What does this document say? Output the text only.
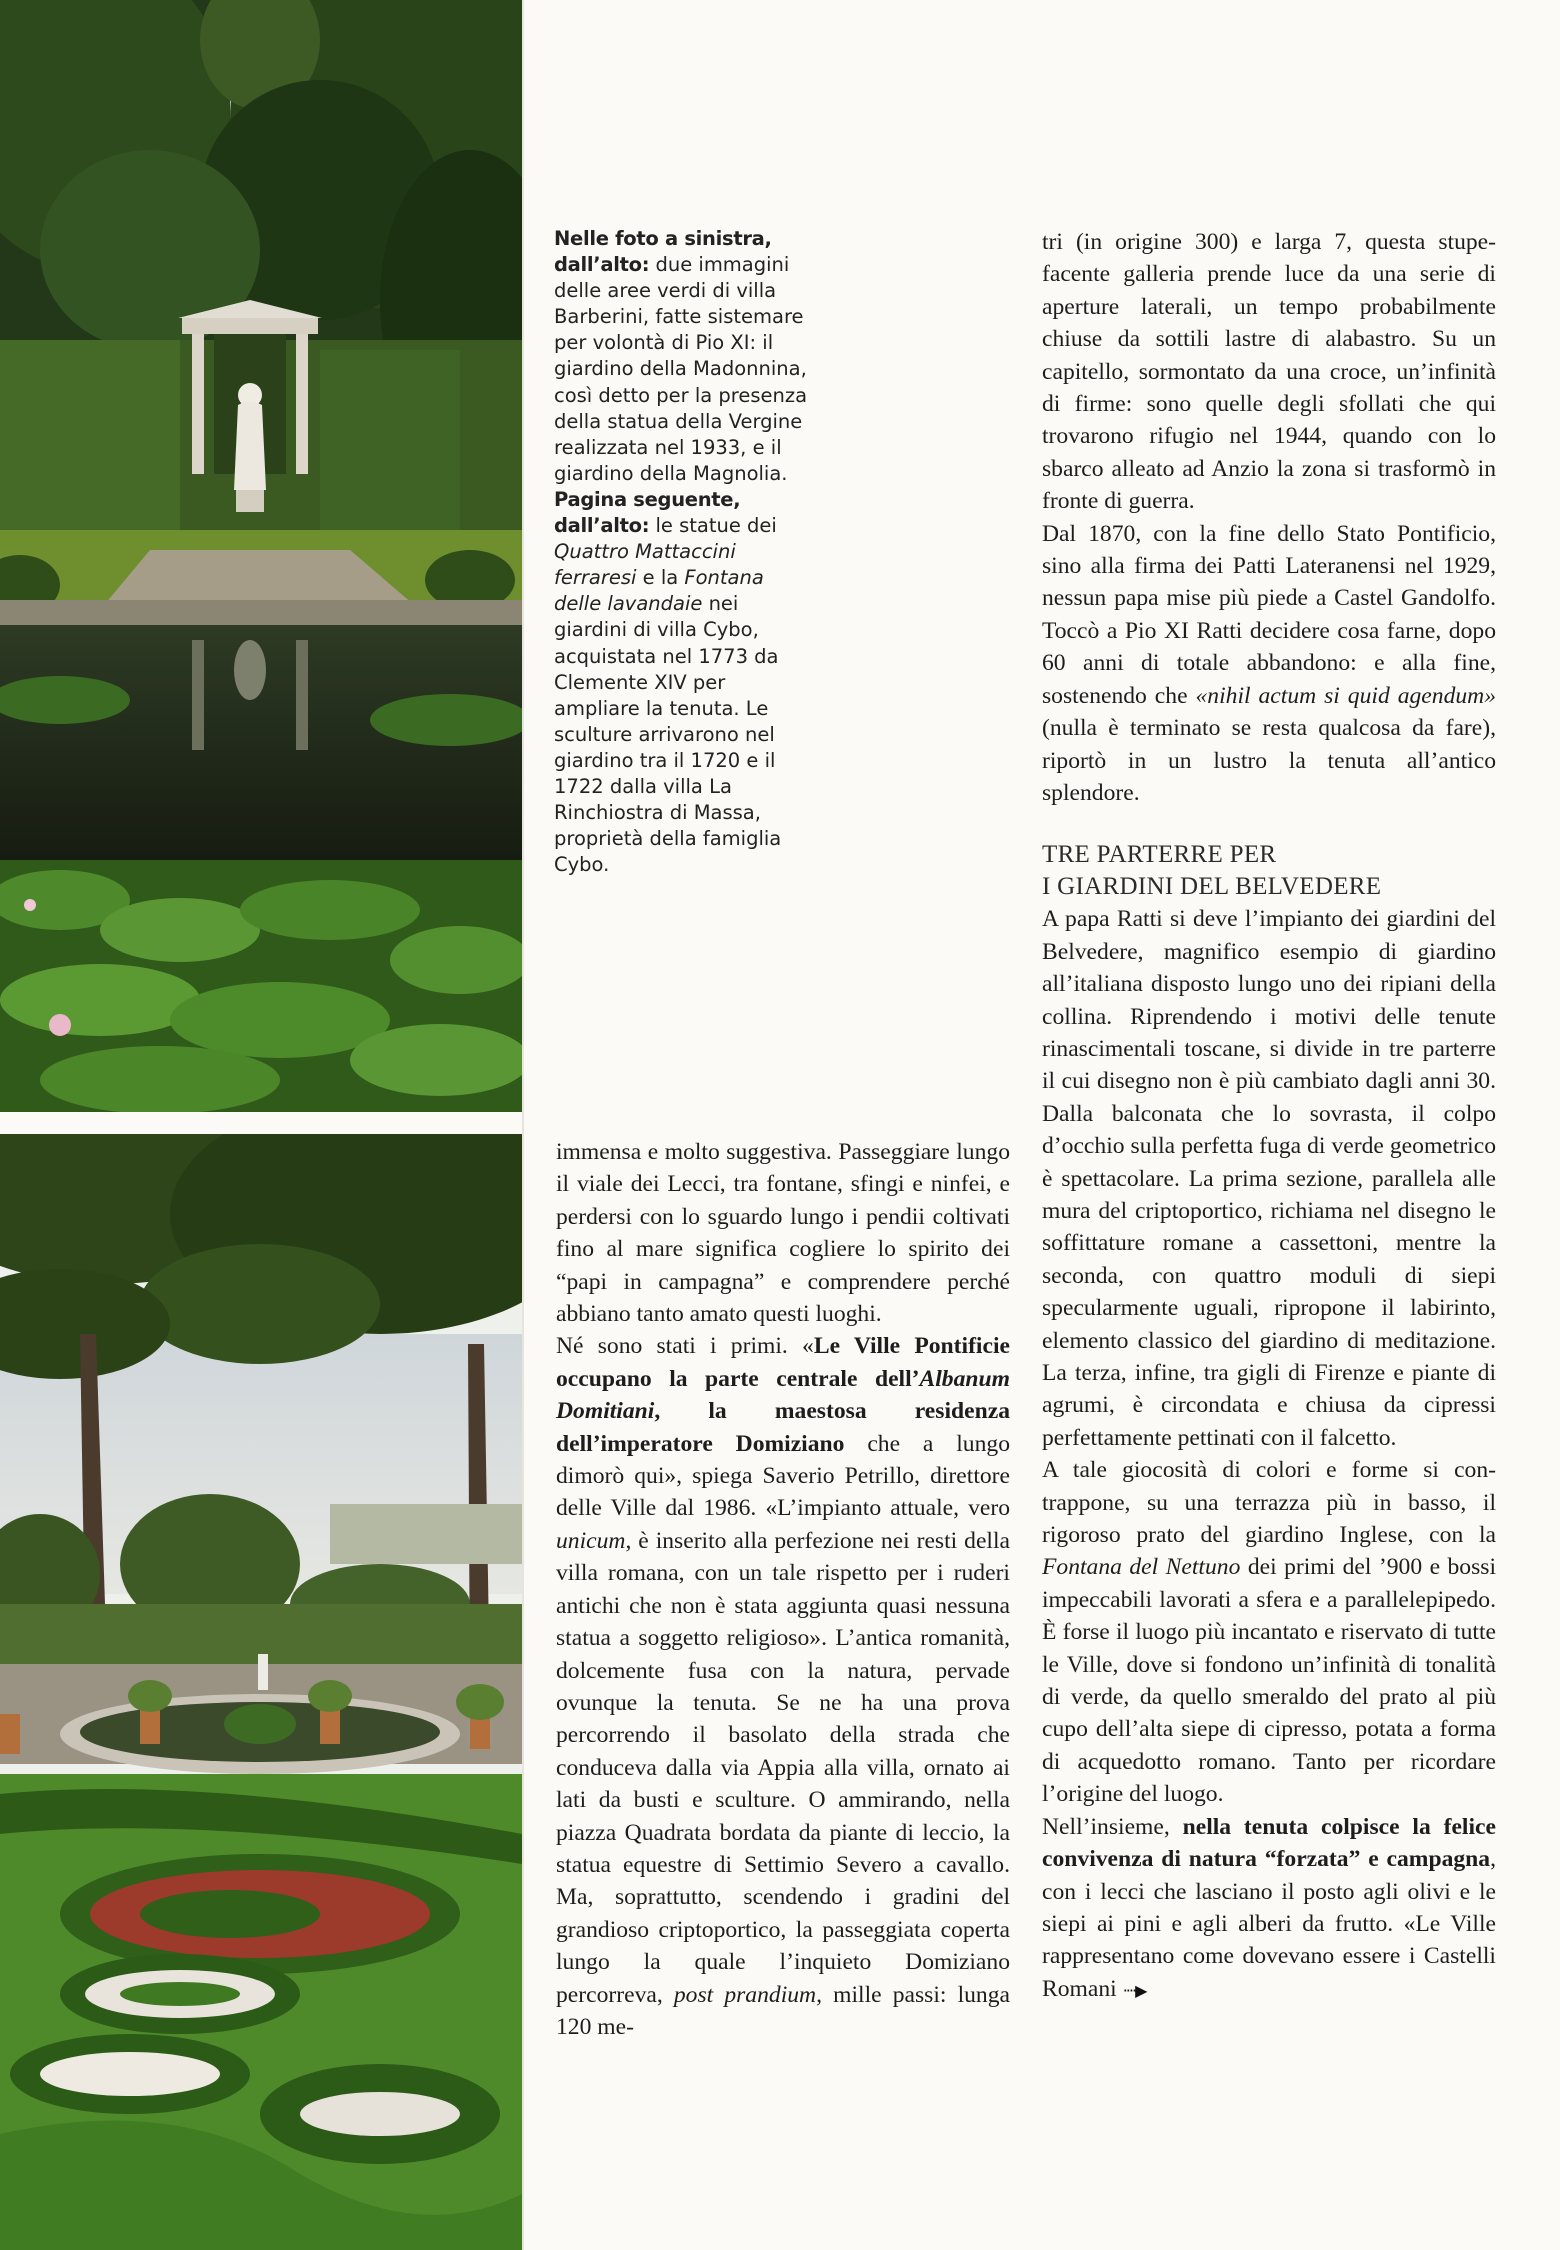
Nelle foto a sinistra, dall’alto: due immagini delle aree verdi di villa Barberini, fatte sistemare per volontà di Pio XI: il giardino della Madonnina, così detto per la presenza della statua della Vergine realizzata nel 1933, e il giardino della Magnolia.
Pagina seguente, dall’alto: le statue dei Quattro Mattaccini ferraresi e la Fontana delle lavandaie nei giardini di villa Cybo, acquistata nel 1773 da Clemente XIV per ampliare la tenuta. Le sculture arrivarono nel giardino tra il 1720 e il 1722 dalla villa La Rinchiostra di Massa, proprietà della famiglia Cybo.

immensa e molto suggestiva. Passeggiare lungo il viale dei Lecci, tra fontane, sfingi e ninfei, e perdersi con lo sguardo lungo i pendii coltivati fino al mare significa cogliere lo spirito dei “papi in campagna” e comprendere perché abbiano tanto amato questi luoghi.

Né sono stati i primi. «Le Ville Pontificie occupano la parte centrale dell’Albanum Domitiani, la maestosa residenza dell’imperatore Domiziano che a lungo dimorò qui», spiega Saverio Petrillo, direttore delle Ville dal 1986. «L’impianto attuale, vero unicum, è inserito alla perfezione nei resti della villa romana, con un tale rispetto per i ruderi antichi che non è stata aggiunta quasi nessuna statua a soggetto religioso». L’antica romanità, dolcemente fusa con la natura, pervade ovunque la tenuta. Se ne ha una prova percorrendo il basolato della strada che conduceva dalla via Appia alla villa, ornato ai lati da busti e sculture. O ammirando, nella piazza Quadrata bordata da piante di leccio, la statua equestre di Settimio Severo a cavallo. Ma, soprattutto, scendendo i gradini del grandioso criptoportico, la passeggiata coperta lungo la quale l’inquieto Domiziano percorreva, post prandium, mille passi: lunga 120 me-

tri (in origine 300) e larga 7, questa stupefacente galleria prende luce da una serie di aperture laterali, un tempo probabilmente chiuse da sottili lastre di alabastro. Su un capitello, sormontato da una croce, un’infinità di firme: sono quelle degli sfollati che qui trovarono rifugio nel 1944, quando con lo sbarco alleato ad Anzio la zona si trasformò in fronte di guerra.

Dal 1870, con la fine dello Stato Pontificio, sino alla firma dei Patti Lateranensi nel 1929, nessun papa mise più piede a Castel Gandolfo. Toccò a Pio XI Ratti decidere cosa farne, dopo 60 anni di totale abbandono: e alla fine, sostenendo che «nihil actum si quid agendum» (nulla è terminato se resta qualcosa da fare), riportò in un lustro la tenuta all’antico splendore.

TRE PARTERRE PER
I GIARDINI DEL BELVEDERE

A papa Ratti si deve l’impianto dei giardini del Belvedere, magnifico esempio di giardino all’italiana disposto lungo uno dei ripiani della collina. Riprendendo i motivi delle tenute rinascimentali toscane, si divide in tre parterre il cui disegno non è più cambiato dagli anni 30. Dalla balconata che lo sovrasta, il colpo d’occhio sulla perfetta fuga di verde geometrico è spettacolare. La prima sezione, parallela alle mura del criptoportico, richiama nel disegno le soffittature romane a cassettoni, mentre la seconda, con quattro moduli di siepi specularmente uguali, ripropone il labirinto, elemento classico del giardino di meditazione. La terza, infine, tra gigli di Firenze e piante di agrumi, è circondata e chiusa da cipressi perfettamente pettinati con il falcetto.

A tale giocosità di colori e forme si contrappone, su una terrazza più in basso, il rigoroso prato del giardino Inglese, con la Fontana del Nettuno dei primi del ’900 e bossi impeccabili lavorati a sfera e a parallelepipedo. È forse il luogo più incantato e riservato di tutte le Ville, dove si fondono un’infinità di tonalità di verde, da quello smeraldo del prato al più cupo dell’alta siepe di cipresso, potata a forma di acquedotto romano. Tanto per ricordare l’origine del luogo.

Nell’insieme, nella tenuta colpisce la felice convivenza di natura “forzata” e campagna, con i lecci che lasciano il posto agli olivi e le siepi ai pini e agli alberi da frutto. «Le Ville rappresentano come dovevano essere i Castelli Romani ····▶
